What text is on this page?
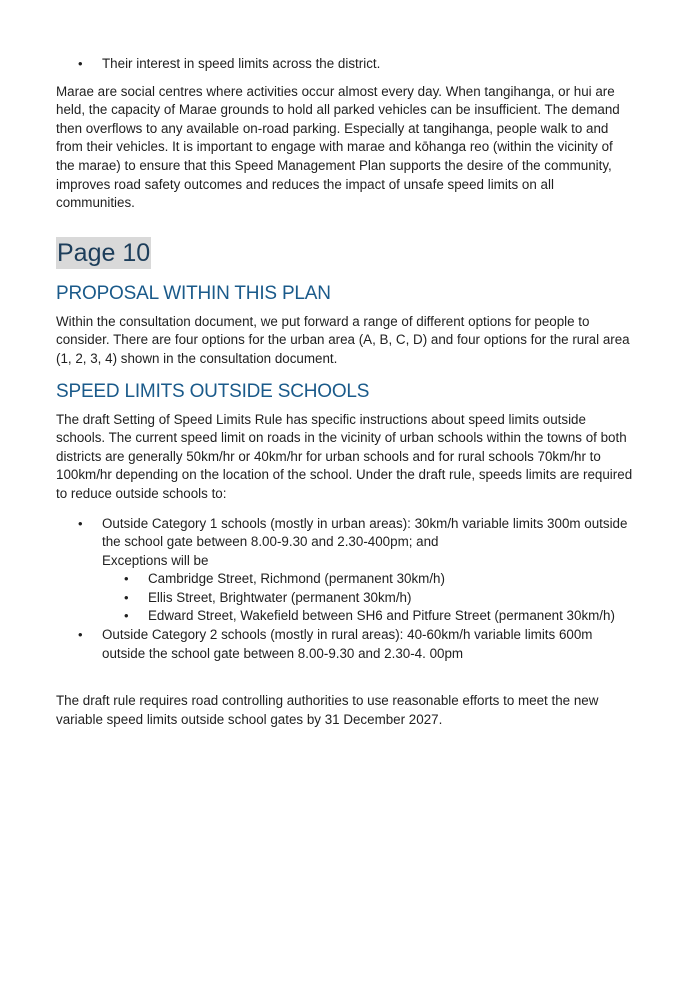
• Their interest in speed limits across the district.

Marae are social centres where activities occur almost every day. When tangihanga, or hui are held, the capacity of Marae grounds to hold all parked vehicles can be insufficient. The demand then overflows to any available on-road parking. Especially at tangihanga, people walk to and from their vehicles. It is important to engage with marae and kōhanga reo (within the vicinity of the marae) to ensure that this Speed Management Plan supports the desire of the community, improves road safety outcomes and reduces the impact of unsafe speed limits on all communities.

Page 10
PROPOSAL WITHIN THIS PLAN

Within the consultation document, we put forward a range of different options for people to consider. There are four options for the urban area (A, B, C, D) and four options for the rural area (1, 2, 3, 4) shown in the consultation document.

SPEED LIMITS OUTSIDE SCHOOLS

The draft Setting of Speed Limits Rule has specific instructions about speed limits outside schools. The current speed limit on roads in the vicinity of urban schools within the towns of both districts are generally 50km/hr or 40km/hr for urban schools and for rural schools 70km/hr to 100km/hr depending on the location of the school. Under the draft rule, speeds limits are required to reduce outside schools to:

• Outside Category 1 schools (mostly in urban areas): 30km/h variable limits 300m outside the school gate between 8.00-9.30 and 2.30-400pm; and
Exceptions will be
• Cambridge Street, Richmond (permanent 30km/h)
• Ellis Street, Brightwater (permanent 30km/h)
• Edward Street, Wakefield between SH6 and Pitfure Street (permanent 30km/h)
• Outside Category 2 schools (mostly in rural areas): 40-60km/h variable limits 600m outside the school gate between 8.00-9.30 and 2.30-4. 00pm

The draft rule requires road controlling authorities to use reasonable efforts to meet the new variable speed limits outside school gates by 31 December 2027.
